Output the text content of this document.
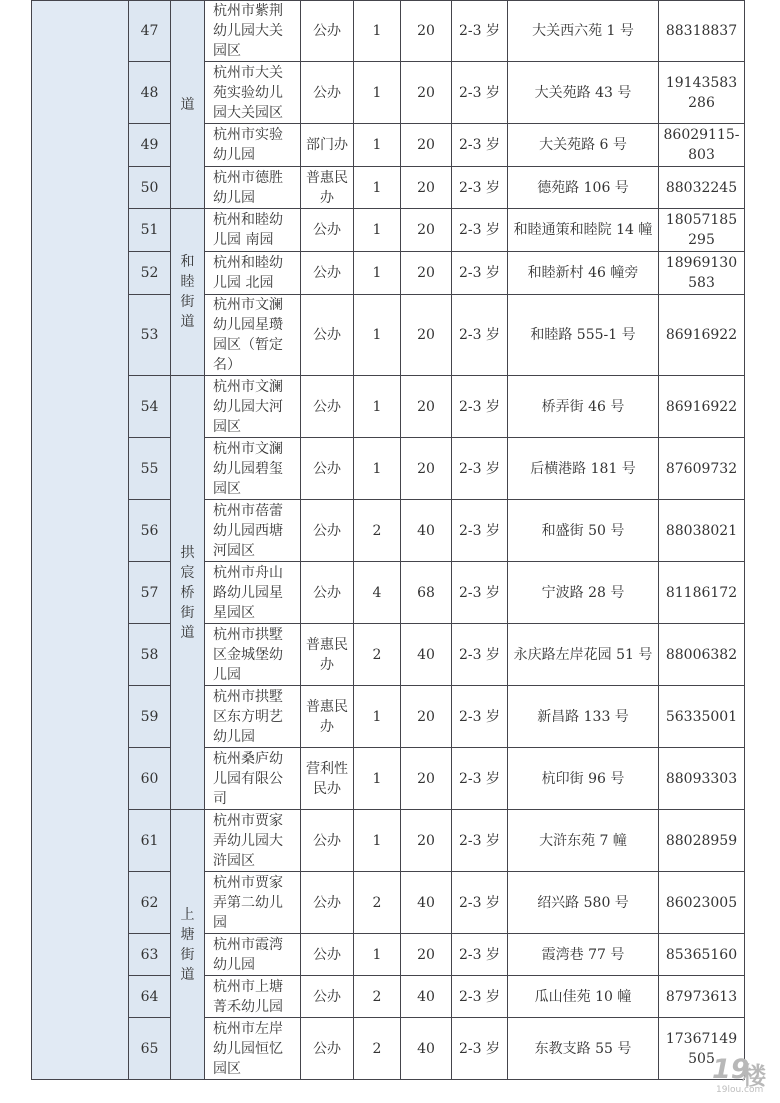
	47	道	杭州市紫荆幼儿园大关园区	公办	1	20	2-3 岁	大关西六苑 1 号	88318837
	48		杭州市大关苑实验幼儿园大关园区	公办	1	20	2-3 岁	大关苑路 43 号	19143583286
	49		杭州市实验幼儿园	部门办	1	20	2-3 岁	大关苑路 6 号	86029115-803
	50		杭州市德胜幼儿园	普惠民办	1	20	2-3 岁	德苑路 106 号	88032245
	51	和睦街道	杭州和睦幼儿园 南园	公办	1	20	2-3 岁	和睦通策和睦院 14 幢	18057185295
	52		杭州和睦幼儿园 北园	公办	1	20	2-3 岁	和睦新村 46 幢旁	18969130583
	53		杭州市文澜幼儿园星瓒园区（暂定名）	公办	1	20	2-3 岁	和睦路 555-1 号	86916922
	54	拱宸桥街道	杭州市文澜幼儿园大河园区	公办	1	20	2-3 岁	桥弄街 46 号	86916922
	55		杭州市文澜幼儿园碧玺园区	公办	1	20	2-3 岁	后横港路 181 号	87609732
	56		杭州市蓓蕾幼儿园西塘河园区	公办	2	40	2-3 岁	和盛街 50 号	88038021
	57		杭州市舟山路幼儿园星星园区	公办	4	68	2-3 岁	宁波路 28 号	81186172
	58		杭州市拱墅区金城堡幼儿园	普惠民办	2	40	2-3 岁	永庆路左岸花园 51 号	88006382
	59		杭州市拱墅区东方明艺幼儿园	普惠民办	1	20	2-3 岁	新昌路 133 号	56335001
	60		杭州桑庐幼儿园有限公司	营利性民办	1	20	2-3 岁	杭印街 96 号	88093303
	61	上塘街道	杭州市贾家弄幼儿园大浒园区	公办	1	20	2-3 岁	大浒东苑 7 幢	88028959
	62		杭州市贾家弄第二幼儿园	公办	2	40	2-3 岁	绍兴路 580 号	86023005
	63		杭州市霞湾幼儿园	公办	1	20	2-3 岁	霞湾巷 77 号	85365160
	64		杭州市上塘菁禾幼儿园	公办	2	40	2-3 岁	瓜山佳苑 10 幢	87973613
	65		杭州市左岸幼儿园恒忆园区	公办	2	40	2-3 岁	东教支路 55 号	17367149505
19
楼
19lou.com
